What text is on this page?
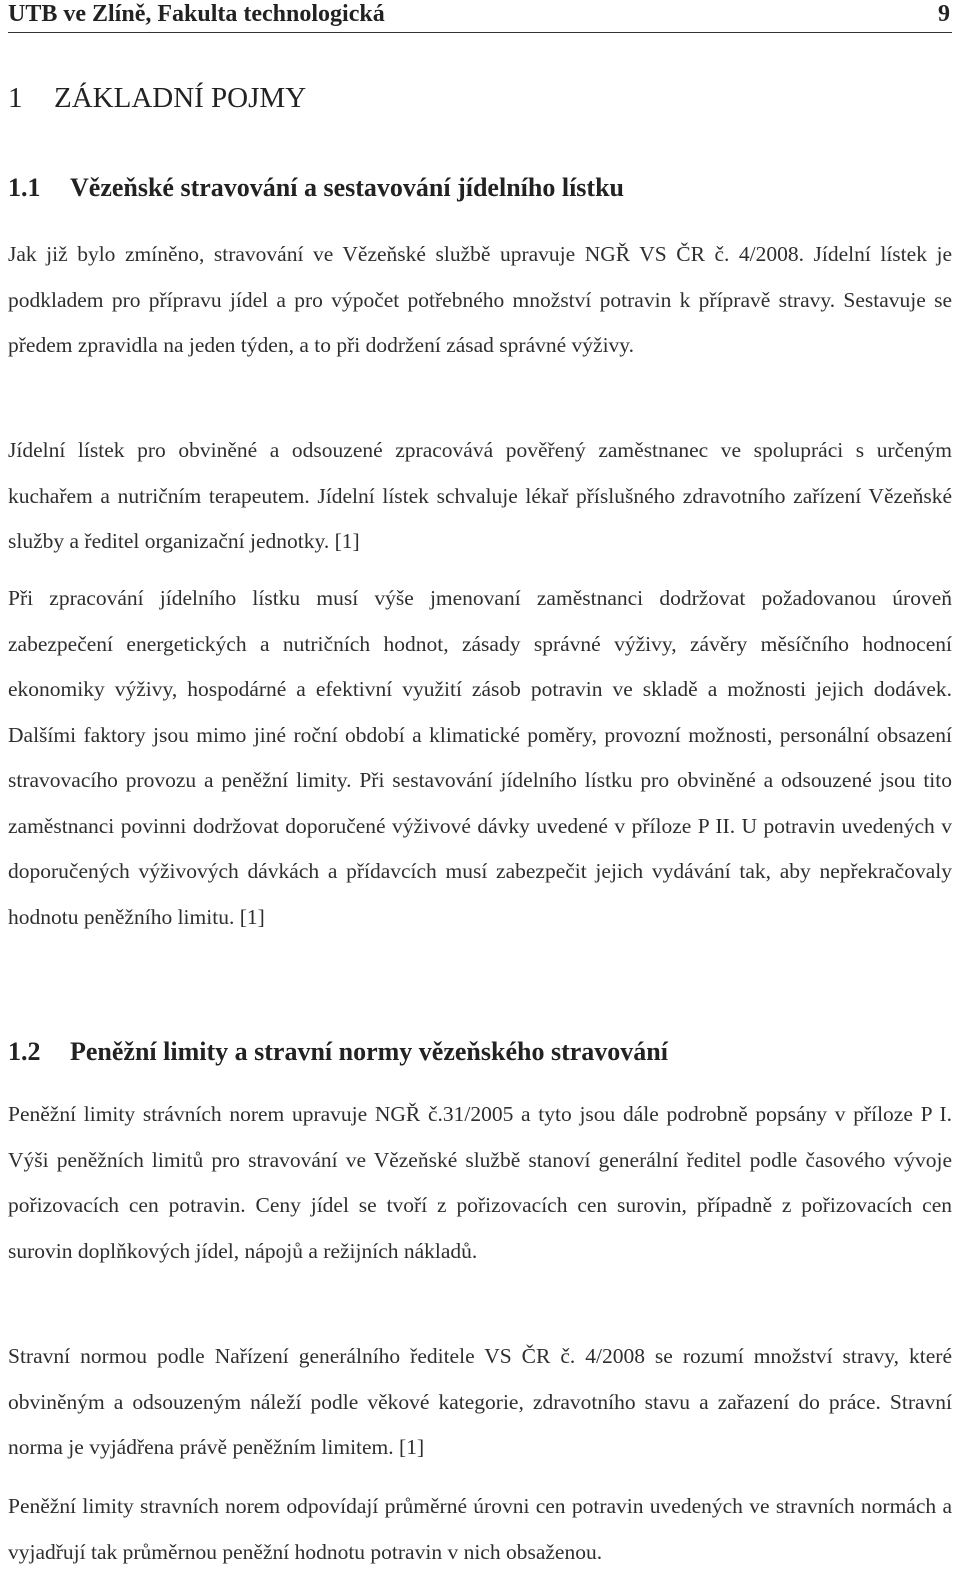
UTB ve Zlíně, Fakulta technologická	9
1 ZÁKLADNÍ POJMY
1.1 Vězeňské stravování a sestavování jídelního lístku

Jak již bylo zmíněno, stravování ve Vězeňské službě upravuje NGŘ VS ČR č. 4/2008. Jídelní lístek je podkladem pro přípravu jídel a pro výpočet potřebného množství potravin k přípravě stravy. Sestavuje se předem zpravidla na jeden týden, a to při dodržení zásad správné výživy.

Jídelní lístek pro obviněné a odsouzené zpracovává pověřený zaměstnanec ve spolupráci s určeným kuchařem a nutričním terapeutem. Jídelní lístek schvaluje lékař příslušného zdravotního zařízení Vězeňské služby a ředitel organizační jednotky. [1]

Při zpracování jídelního lístku musí výše jmenovaní zaměstnanci dodržovat požadovanou úroveň zabezpečení energetických a nutričních hodnot, zásady správné výživy, závěry měsíčního hodnocení ekonomiky výživy, hospodárné a efektivní využití zásob potravin ve skladě a možnosti jejich dodávek. Dalšími faktory jsou mimo jiné roční období a klimatické poměry, provozní možnosti, personální obsazení stravovacího provozu a peněžní limity. Při sestavování jídelního lístku pro obviněné a odsouzené jsou tito zaměstnanci povinni dodržovat doporučené výživové dávky uvedené v příloze P II. U potravin uvedených v doporučených výživových dávkách a přídavcích musí zabezpečit jejich vydávání tak, aby nepřekračovaly hodnotu peněžního limitu. [1]

1.2 Peněžní limity a stravní normy vězeňského stravování

Peněžní limity strávních norem upravuje NGŘ č.31/2005 a tyto jsou dále podrobně popsány v příloze P I. Výši peněžních limitů pro stravování ve Vězeňské službě stanoví generální ředitel podle časového vývoje pořizovacích cen potravin. Ceny jídel se tvoří z pořizovacích cen surovin, případně z pořizovacích cen surovin doplňkových jídel, nápojů a režijních nákladů.

Stravní normou podle Nařízení generálního ředitele VS ČR č. 4/2008 se rozumí množství stravy, které obviněným a odsouzeným náleží podle věkové kategorie, zdravotního stavu a zařazení do práce. Stravní norma je vyjádřena právě peněžním limitem. [1]

Peněžní limity stravních norem odpovídají průměrné úrovni cen potravin uvedených ve stravních normách a vyjadřují tak průměrnou peněžní hodnotu potravin v nich obsaženou.
